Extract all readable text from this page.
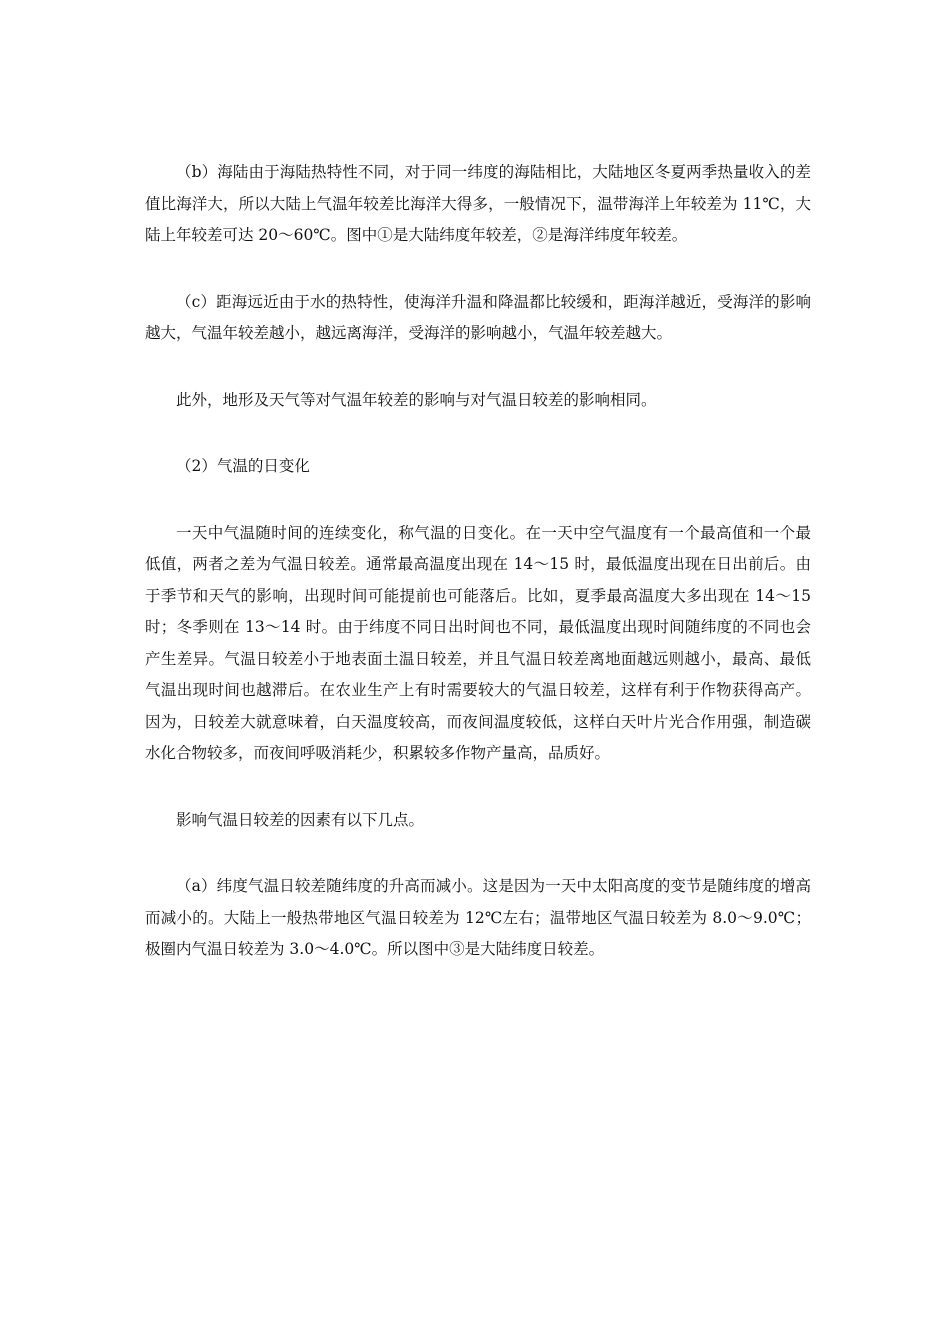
（b）海陆由于海陆热特性不同，对于同一纬度的海陆相比，大陆地区冬夏两季热量收入的差值比海洋大，所以大陆上气温年较差比海洋大得多，一般情况下，温带海洋上年较差为 11℃，大陆上年较差可达 20～60℃。图中①是大陆纬度年较差，②是海洋纬度年较差。

（c）距海远近由于水的热特性，使海洋升温和降温都比较缓和，距海洋越近，受海洋的影响越大，气温年较差越小，越远离海洋，受海洋的影响越小，气温年较差越大。

此外，地形及天气等对气温年较差的影响与对气温日较差的影响相同。

（2）气温的日变化

一天中气温随时间的连续变化，称气温的日变化。在一天中空气温度有一个最高值和一个最低值，两者之差为气温日较差。通常最高温度出现在 14～15 时，最低温度出现在日出前后。由于季节和天气的影响，出现时间可能提前也可能落后。比如，夏季最高温度大多出现在 14～15 时；冬季则在 13～14 时。由于纬度不同日出时间也不同，最低温度出现时间随纬度的不同也会产生差异。气温日较差小于地表面土温日较差，并且气温日较差离地面越远则越小，最高、最低气温出现时间也越滞后。在农业生产上有时需要较大的气温日较差，这样有利于作物获得高产。因为，日较差大就意味着，白天温度较高，而夜间温度较低，这样白天叶片光合作用强，制造碳水化合物较多，而夜间呼吸消耗少，积累较多作物产量高，品质好。

影响气温日较差的因素有以下几点。

（a）纬度气温日较差随纬度的升高而减小。这是因为一天中太阳高度的变节是随纬度的增高而减小的。大陆上一般热带地区气温日较差为 12℃左右；温带地区气温日较差为 8.0～9.0℃；极圈内气温日较差为 3.0～4.0℃。所以图中③是大陆纬度日较差。
